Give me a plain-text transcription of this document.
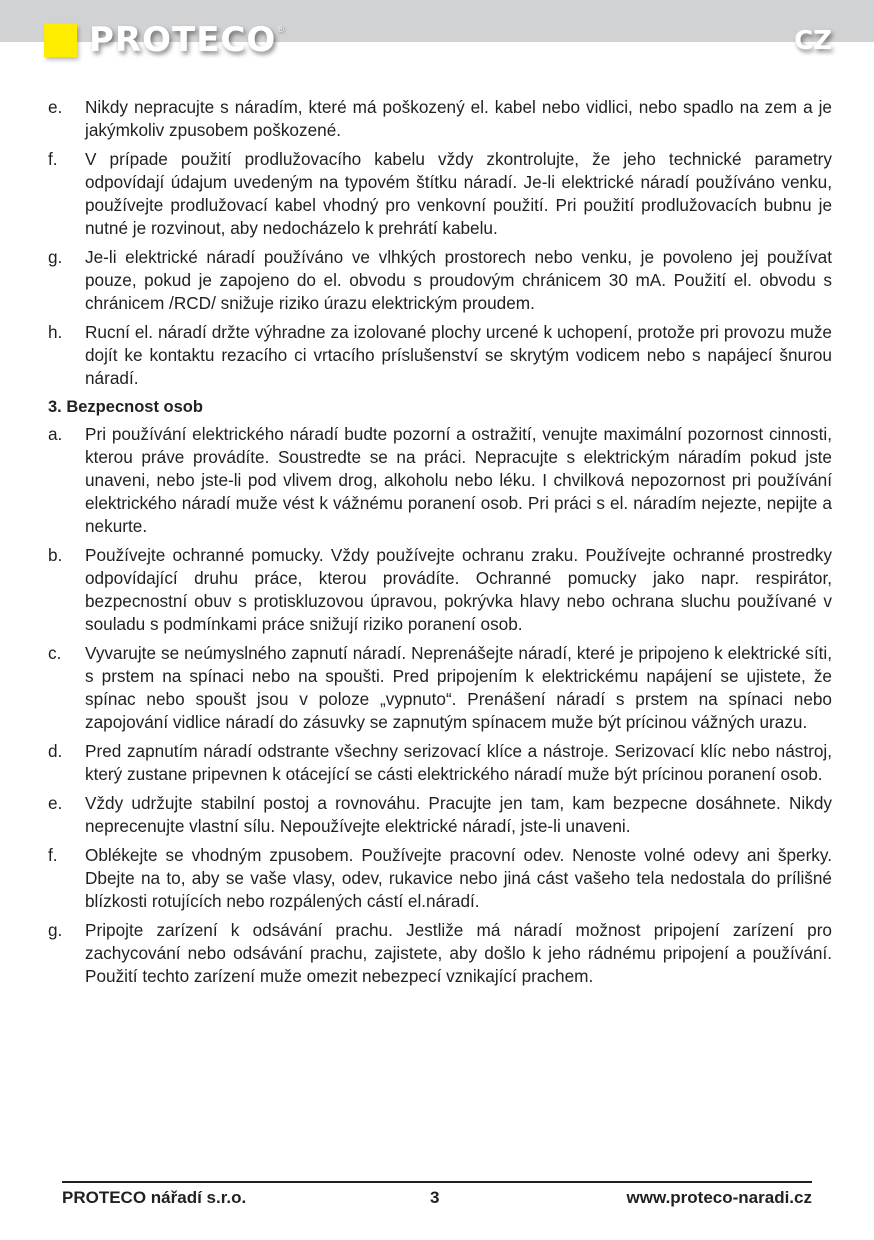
PROTECO ®	CZ
e.	Nikdy nepracujte s náradím, které má poškozený el. kabel nebo vidlici, nebo spadlo na zem a je jakýmkoliv zpusobem poškozené.
f.	V prípade použití prodlužovacího kabelu vždy zkontrolujte, že jeho technické parametry odpovídají údajum uvedeným na typovém štítku náradí. Je-li elektrické náradí používáno venku, používejte prodlužovací kabel vhodný pro venkovní použití. Pri použití prodlužovacích bubnu je nutné je rozvinout, aby nedocházelo k prehrátí kabelu.
g.	Je-li elektrické náradí používáno ve vlhkých prostorech nebo venku, je povoleno jej používat pouze, pokud je zapojeno do el. obvodu s proudovým chránicem 30 mA. Použití el. obvodu s chránicem /RCD/ snižuje riziko úrazu elektrickým proudem.
h.	Rucní el. náradí držte výhradne za izolované plochy urcené k uchopení, protože pri provozu muže dojít ke kontaktu rezacího ci vrtacího príslušenství se skrytým vodicem nebo s napájecí šnurou náradí.
3. Bezpecnost osob
a.	Pri používání elektrického náradí budte pozorní a ostražití, venujte maximální pozornost cinnosti, kterou práve provádíte. Soustredte se na práci. Nepracujte s elektrickým náradím pokud jste unaveni, nebo jste-li pod vlivem drog, alkoholu nebo léku. I chvilková nepozornost pri používání elektrického náradí muže vést k vážnému poranení osob. Pri práci s el. náradím nejezte, nepijte a nekurte.
b.	Používejte ochranné pomucky. Vždy používejte ochranu zraku. Používejte ochranné prostredky odpovídající druhu práce, kterou provádíte. Ochranné pomucky jako napr. respirátor, bezpecnostní obuv s protiskluzovou úpravou, pokrývka hlavy nebo ochrana sluchu používané v souladu s podmínkami práce snižují riziko poranení osob.
c.	Vyvarujte se neúmyslného zapnutí náradí. Neprenášejte náradí, které je pripojeno k elektrické síti, s prstem na spínaci nebo na spoušti. Pred pripojením k elektrickému napájení se ujistete, že spínac nebo spoušt jsou v poloze „vypnuto“. Prenášení náradí s prstem na spínaci nebo zapojování vidlice náradí do zásuvky se zapnutým spínacem muže být prícinou vážných urazu.
d.	Pred zapnutím náradí odstrante všechny serizovací klíce a nástroje. Serizovací klíc nebo nástroj, který zustane pripevnen k otácející se cásti elektrického náradí muže být prícinou poranení osob.
e.	Vždy udržujte stabilní postoj a rovnováhu. Pracujte jen tam, kam bezpecne dosáhnete. Nikdy neprecenujte vlastní sílu. Nepoužívejte elektrické náradí, jste-li unaveni.
f.	Oblékejte se vhodným zpusobem. Používejte pracovní odev. Nenoste volné odevy ani šperky. Dbejte na to, aby se vaše vlasy, odev, rukavice nebo jiná cást vašeho tela nedostala do prílišné blízkosti rotujících nebo rozpálených cástí el.náradí.
g.	Pripojte zarízení k odsávání prachu. Jestliže má náradí možnost pripojení zarízení pro zachycování nebo odsávání prachu, zajistete, aby došlo k jeho rádnému pripojení a používání. Použití techto zarízení muže omezit nebezpecí vznikající prachem.
PROTECO nářadí s.r.o.	3	www.proteco-naradi.cz
